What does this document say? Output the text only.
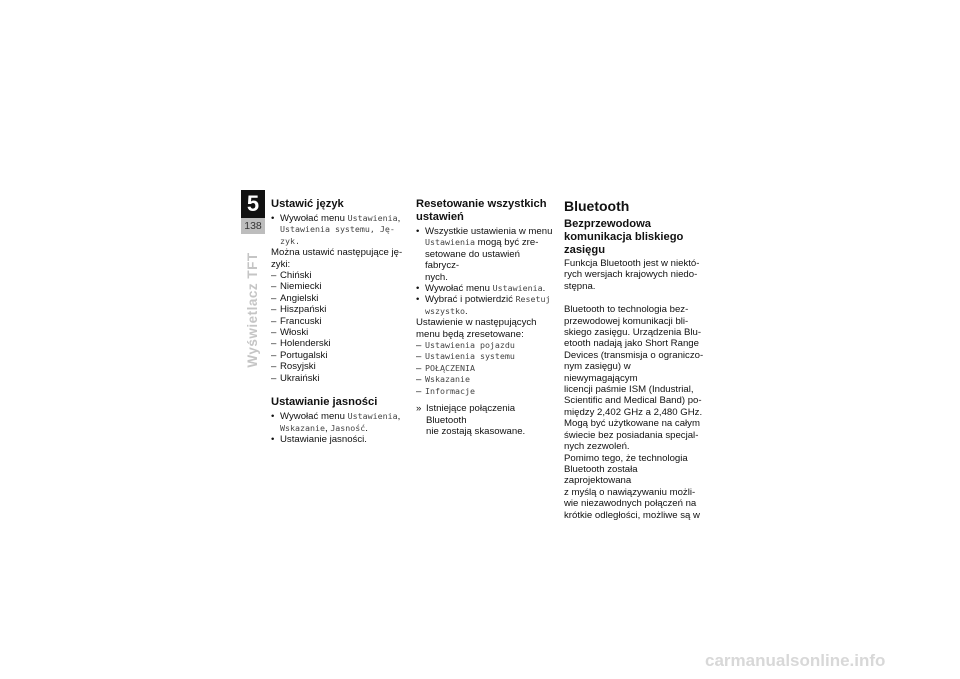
5
138
Wyświetlacz TFT
Ustawić język
• Wywołać menu Ustawienia,
Ustawienia systemu, Ję-
zyk.

Można ustawić następujące ję-
zyki:

– Chiński
– Niemiecki
– Angielski
– Hiszpański
– Francuski
– Włoski
– Holenderski
– Portugalski
– Rosyjski
– Ukraiński
Ustawianie jasności
• Wywołać menu Ustawienia,
Wskazanie, Jasność.
• Ustawianie jasności.
Resetowanie wszystkich
ustawień
• Wszystkie ustawienia w menu
Ustawienia mogą być zre-
setowane do ustawień fabrycz-
nych.
• Wywołać menu Ustawienia.
• Wybrać i potwierdzić Resetuj
wszystko.

Ustawienie w następujących
menu będą zresetowane:

– Ustawienia pojazdu
– Ustawienia systemu
– POŁĄCZENIA
– Wskazanie
– Informacje

» Istniejące połączenia Bluetooth
nie zostają skasowane.

Bluetooth
Bezprzewodowa
komunikacja bliskiego
zasięgu

Funkcja Bluetooth jest w niektó-
rych wersjach krajowych niedo-
stępna.

Bluetooth to technologia bez-
przewodowej komunikacji bli-
skiego zasięgu. Urządzenia Blu-
etooth nadają jako Short Range
Devices (transmisja o ograniczo-
nym zasięgu) w niewymagającym
licencji paśmie ISM (Industrial,
Scientific and Medical Band) po-
między 2,402 GHz a 2,480 GHz.
Mogą być użytkowane na całym
świecie bez posiadania specjal-
nych zezwoleń.

Pomimo tego, że technologia
Bluetooth została zaprojektowana
z myślą o nawiązywaniu możli-
wie niezawodnych połączeń na
krótkie odległości, możliwe są w

carmanualsonline.info
